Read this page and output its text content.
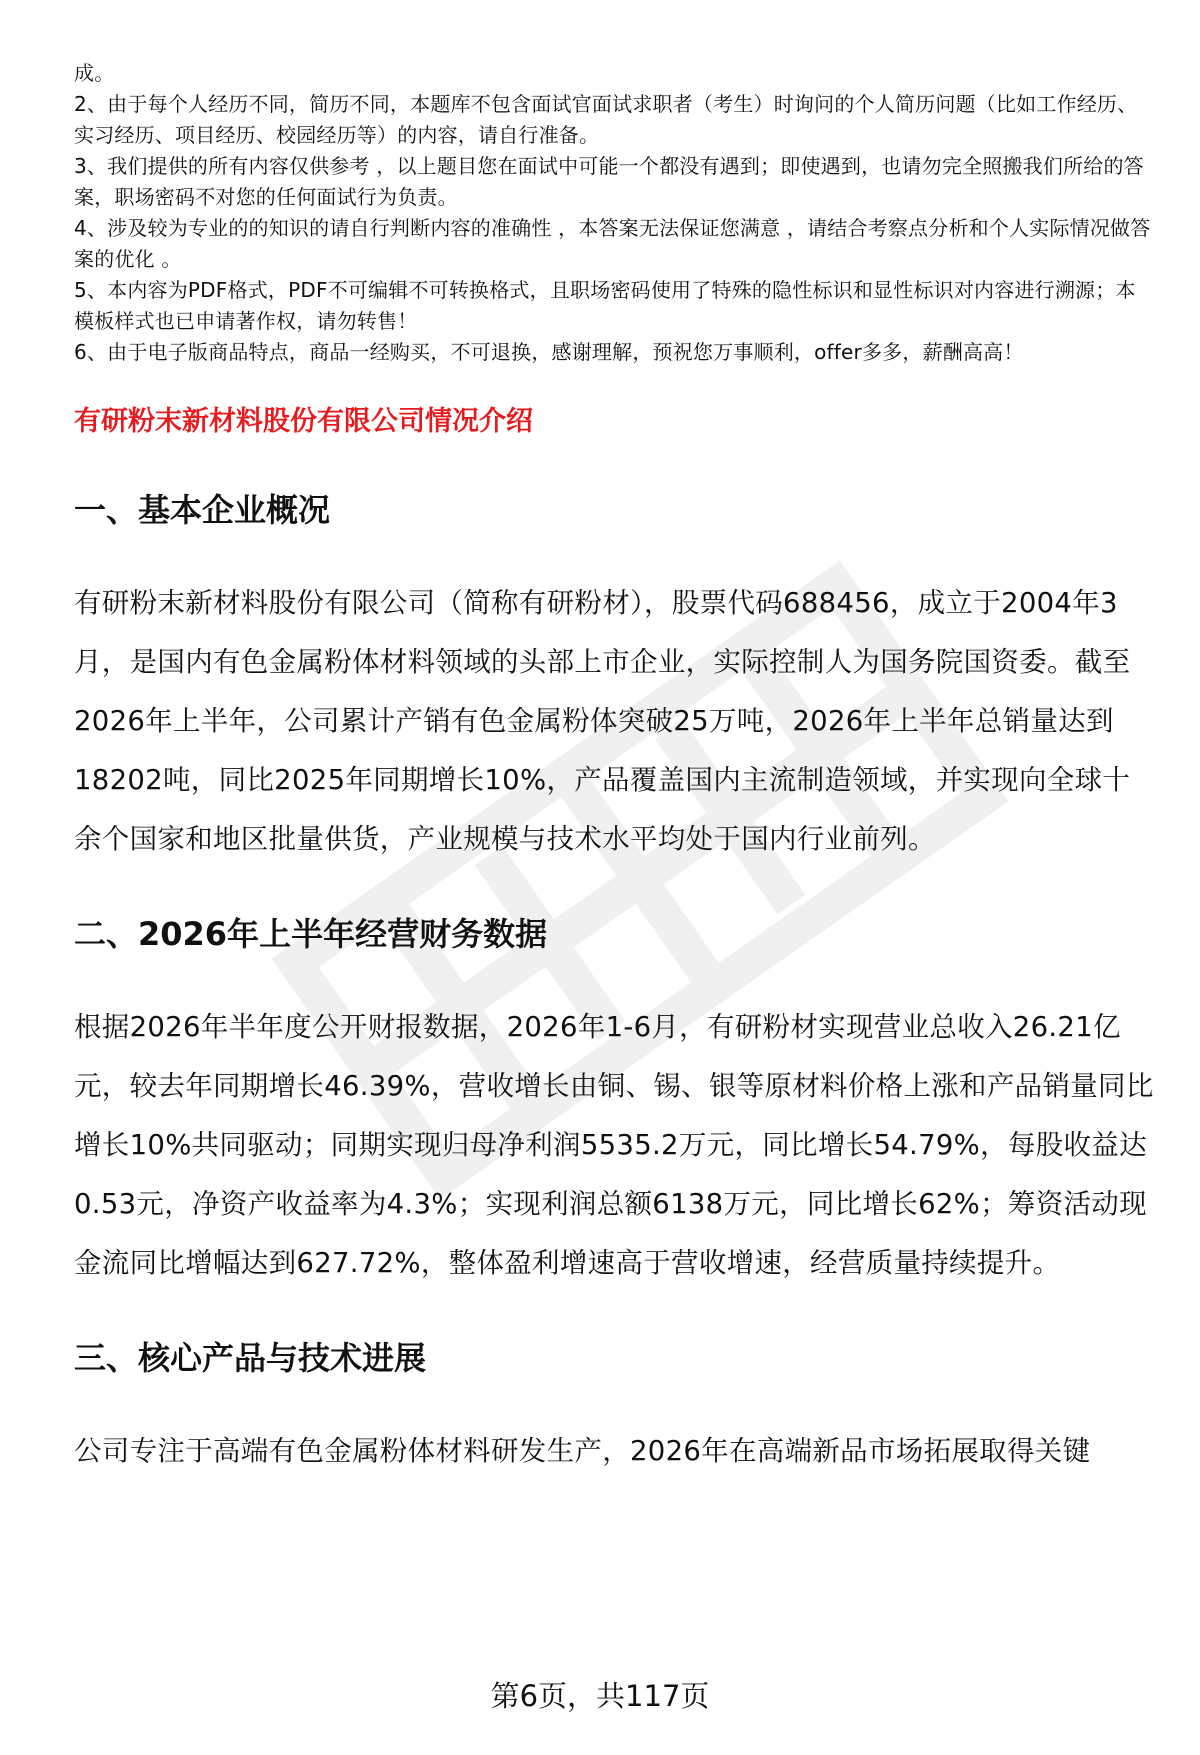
成。

2、由于每个人经历不同，简历不同，本题库不包含面试官面试求职者（考生）时询问的个人简历问题（比如工作经历、实习经历、项目经历、校园经历等）的内容，请自行准备。

3、我们提供的所有内容仅供参考 ，以上题目您在面试中可能一个都没有遇到；即使遇到，也请勿完全照搬我们所给的答案，职场密码不对您的任何面试行为负责。

4、涉及较为专业的的知识的请自行判断内容的准确性 ，本答案无法保证您满意 ，请结合考察点分析和个人实际情况做答案的优化 。

5、本内容为PDF格式，PDF不可编辑不可转换格式，且职场密码使用了特殊的隐性标识和显性标识对内容进行溯源；本模板样式也已申请著作权，请勿转售！

6、由于电子版商品特点，商品一经购买，不可退换，感谢理解，预祝您万事顺利，offer多多，薪酬高高！

有研粉末新材料股份有限公司情况介绍
一、基本企业概况

有研粉末新材料股份有限公司（简称有研粉材），股票代码688456，成立于2004年3月，是国内有色金属粉体材料领域的头部上市企业，实际控制人为国务院国资委。截至2026年上半年，公司累计产销有色金属粉体突破25万吨，2026年上半年总销量达到18202吨，同比2025年同期增长10%，产品覆盖国内主流制造领域，并实现向全球十余个国家和地区批量供货，产业规模与技术水平均处于国内行业前列。

二、2026年上半年经营财务数据

根据2026年半年度公开财报数据，2026年1-6月，有研粉材实现营业总收入26.21亿元，较去年同期增长46.39%，营收增长由铜、锡、银等原材料价格上涨和产品销量同比增长10%共同驱动；同期实现归母净利润5535.2万元，同比增长54.79%，每股收益达0.53元，净资产收益率为4.3%；实现利润总额6138万元，同比增长62%；筹资活动现金流同比增幅达到627.72%，整体盈利增速高于营收增速，经营质量持续提升。

三、核心产品与技术进展

公司专注于高端有色金属粉体材料研发生产，2026年在高端新品市场拓展取得关键

第6页，共117页
